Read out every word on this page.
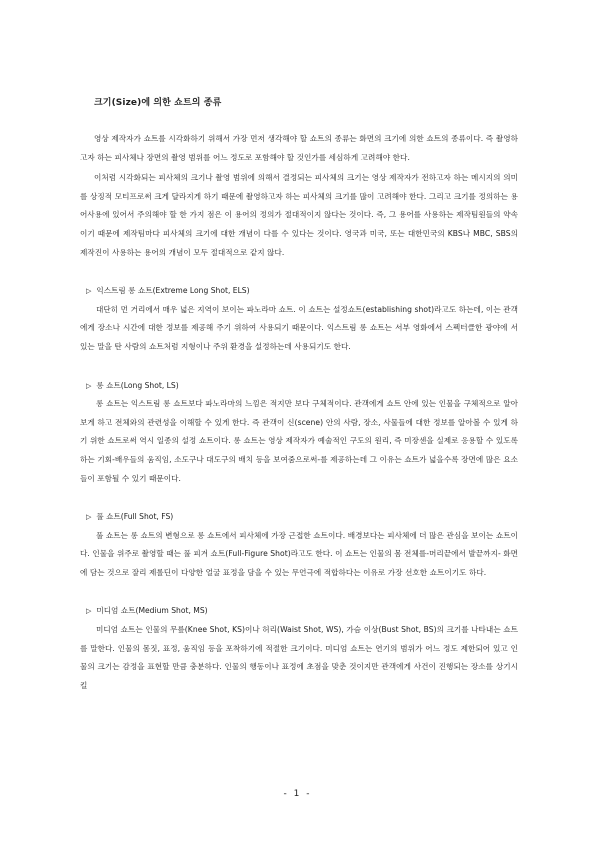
크기(Size)에 의한 쇼트의 종류

영상 제작자가 쇼트를 시각화하기 위해서 가장 먼저 생각해야 할 쇼트의 종류는 화면의 크기에 의한 쇼트의 종류이다. 즉 촬영하고자 하는 피사체나 장면의 촬영 범위를 어느 정도로 포함해야 할 것인가를 세심하게 고려해야 한다.

이처럼 시각화되는 피사체의 크기나 촬영 범위에 의해서 결정되는 피사체의 크기는 영상 제작자가 전하고자 하는 메시지의 의미를 상징적 모티프로써 크게 달라지게 하기 때문에 촬영하고자 하는 피사체의 크기를 많이 고려해야 한다. 그리고 크기를 정의하는 용어사용에 있어서 주의해야 할 한 가지 점은 이 용어의 정의가 절대적이지 않다는 것이다. 즉, 그 용어를 사용하는 제작팀원들의 약속이기 때문에 제작팀마다 피사체의 크기에 대한 개념이 다를 수 있다는 것이다. 영국과 미국, 또는 대한민국의 KBS나 MBC, SBS의 제작진이 사용하는 용어의 개념이 모두 절대적으로 같지 않다.

▷ 익스트림 롱 쇼트(Extreme Long Shot, ELS)

대단히 먼 거리에서 매우 넓은 지역이 보이는 파노라마 쇼트. 이 쇼트는 설정쇼트(establishing shot)라고도 하는데, 이는 관객에게 장소나 시간에 대한 정보를 제공해 주기 위하여 사용되기 때문이다. 익스트림 롱 쇼트는 서부 영화에서 스펙터클한 광야에 서 있는 말을 탄 사람의 쇼트처럼 지형이나 주위 환경을 설정하는데 사용되기도 한다.

▷ 롱 쇼트(Long Shot, LS)

롱 쇼트는 익스트림 롱 쇼트보다 파노라마의 느낌은 적지만 보다 구체적이다. 관객에게 쇼트 안에 있는 인물을 구체적으로 알아보게 하고 전체와의 관련성을 이해할 수 있게 한다. 즉 관객이 신(scene) 안의 사람, 장소, 사물들에 대한 정보를 알아볼 수 있게 하기 위한 쇼트로써 역시 일종의 설정 쇼트이다. 롱 쇼트는 영상 제작자가 예술적인 구도의 원리, 즉 미장센을 실제로 응용할 수 있도록 하는 기회-배우들의 움직임, 소도구나 대도구의 배치 등을 보여줌으로써-를 제공하는데 그 이유는 쇼트가 넓을수록 장면에 많은 요소들이 포함될 수 있기 때문이다.

▷ 풀 쇼트(Full Shot, FS)

풀 쇼트는 롱 쇼트의 변형으로 롱 쇼트에서 피사체에 가장 근접한 쇼트이다. 배경보다는 피사체에 더 많은 관심을 보이는 쇼트이다. 인물을 위주로 촬영할 때는 풀 피겨 쇼트(Full-Figure Shot)라고도 한다. 이 쇼트는 인물의 몸 전체를-머리끝에서 발끝까지- 화면에 담는 것으로 잘리 제롤딘이 다양한 얼굴 표정을 담을 수 있는 무언극에 적합하다는 이유로 가장 선호한 쇼트이기도 하다.

▷ 미디엄 쇼트(Medium Shot, MS)

미디엄 쇼트는 인물의 무릎(Knee Shot, KS)이나 허리(Waist Shot, WS), 가슴 이상(Bust Shot, BS)의 크기를 나타내는 쇼트를 말한다. 인물의 몸짓, 표정, 움직임 등을 포착하기에 적절한 크기이다. 미디엄 쇼트는 연기의 범위가 어느 정도 제한되어 있고 인물의 크기는 감정을 표현할 만큼 충분하다. 인물의 행동이나 표정에 초점을 맞춘 것이지만 관객에게 사건이 진행되는 장소를 상기시킬

- 1 -
